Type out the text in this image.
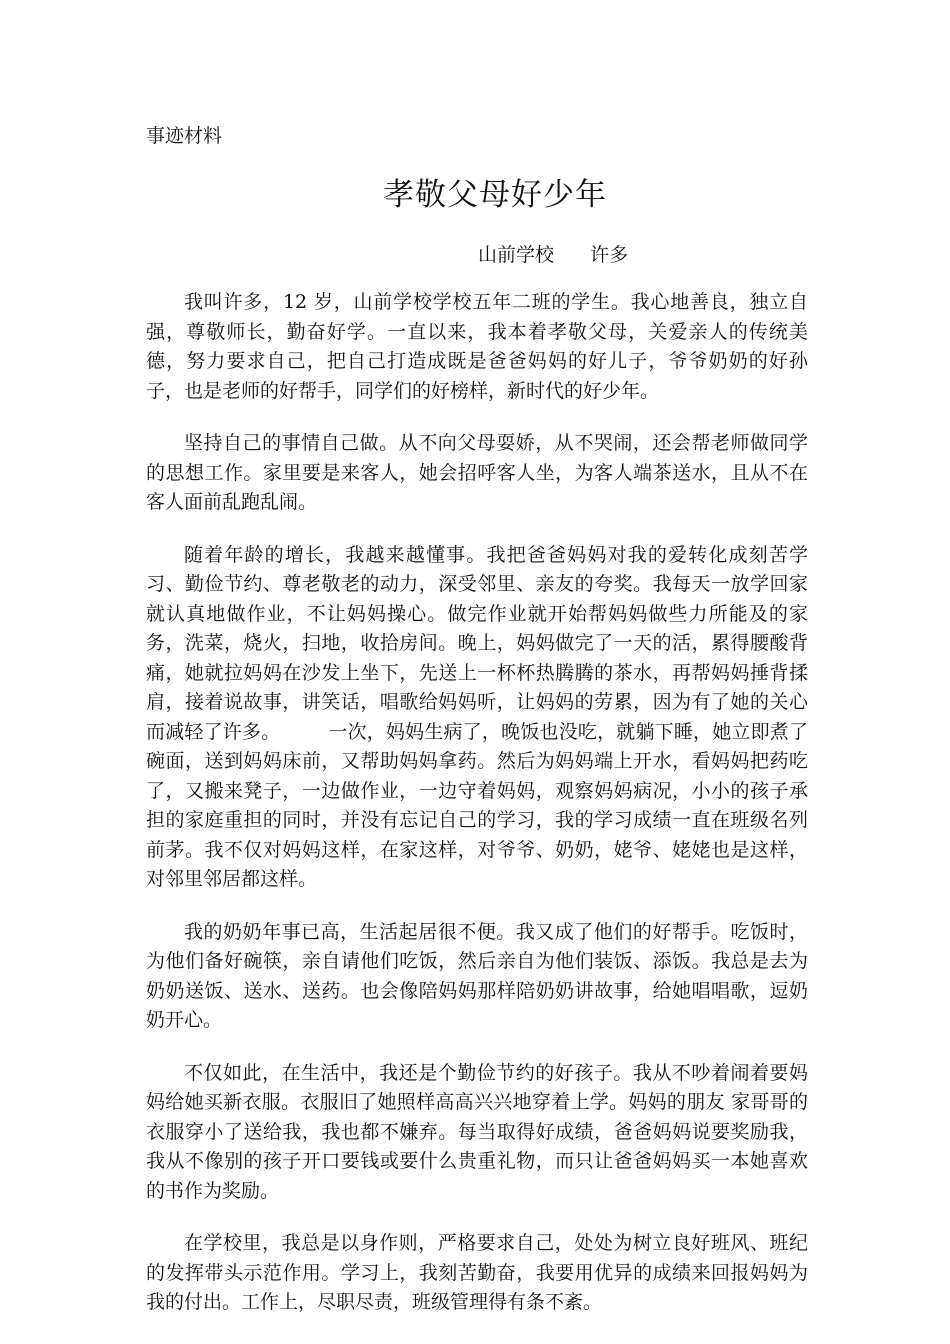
事迹材料
孝敬父母好少年
山前学校 许多

我叫许多，12 岁，山前学校学校五年二班的学生。我心地善良，独立自强，尊敬师长，勤奋好学。一直以来，我本着孝敬父母，关爱亲人的传统美德，努力要求自己，把自己打造成既是爸爸妈妈的好儿子，爷爷奶奶的好孙子，也是老师的好帮手，同学们的好榜样，新时代的好少年。

坚持自己的事情自己做。从不向父母耍娇，从不哭闹，还会帮老师做同学的思想工作。家里要是来客人，她会招呼客人坐，为客人端茶送水，且从不在客人面前乱跑乱闹。

随着年龄的增长，我越来越懂事。我把爸爸妈妈对我的爱转化成刻苦学习、勤俭节约、尊老敬老的动力，深受邻里、亲友的夸奖。我每天一放学回家就认真地做作业，不让妈妈操心。做完作业就开始帮妈妈做些力所能及的家务，洗菜，烧火，扫地，收拾房间。晚上，妈妈做完了一天的活，累得腰酸背痛，她就拉妈妈在沙发上坐下，先送上一杯杯热腾腾的茶水，再帮妈妈捶背揉肩，接着说故事，讲笑话，唱歌给妈妈听，让妈妈的劳累，因为有了她的关心而减轻了许多。　　　一次，妈妈生病了，晚饭也没吃，就躺下睡，她立即煮了碗面，送到妈妈床前，又帮助妈妈拿药。然后为妈妈端上开水，看妈妈把药吃了，又搬来凳子，一边做作业，一边守着妈妈，观察妈妈病况，小小的孩子承担的家庭重担的同时，并没有忘记自己的学习，我的学习成绩一直在班级名列前茅。我不仅对妈妈这样，在家这样，对爷爷、奶奶，姥爷、姥姥也是这样，对邻里邻居都这样。

我的奶奶年事已高，生活起居很不便。我又成了他们的好帮手。吃饭时，为他们备好碗筷，亲自请他们吃饭，然后亲自为他们装饭、添饭。我总是去为奶奶送饭、送水、送药。也会像陪妈妈那样陪奶奶讲故事，给她唱唱歌，逗奶奶开心。

不仅如此，在生活中，我还是个勤俭节约的好孩子。我从不吵着闹着要妈妈给她买新衣服。衣服旧了她照样高高兴兴地穿着上学。妈妈的朋友 家哥哥的衣服穿小了送给我，我也都不嫌弃。每当取得好成绩，爸爸妈妈说要奖励我，我从不像别的孩子开口要钱或要什么贵重礼物，而只让爸爸妈妈买一本她喜欢的书作为奖励。

在学校里，我总是以身作则，严格要求自己，处处为树立良好班风、班纪的发挥带头示范作用。学习上，我刻苦勤奋，我要用优异的成绩来回报妈妈为我的付出。工作上，尽职尽责，班级管理得有条不紊。
